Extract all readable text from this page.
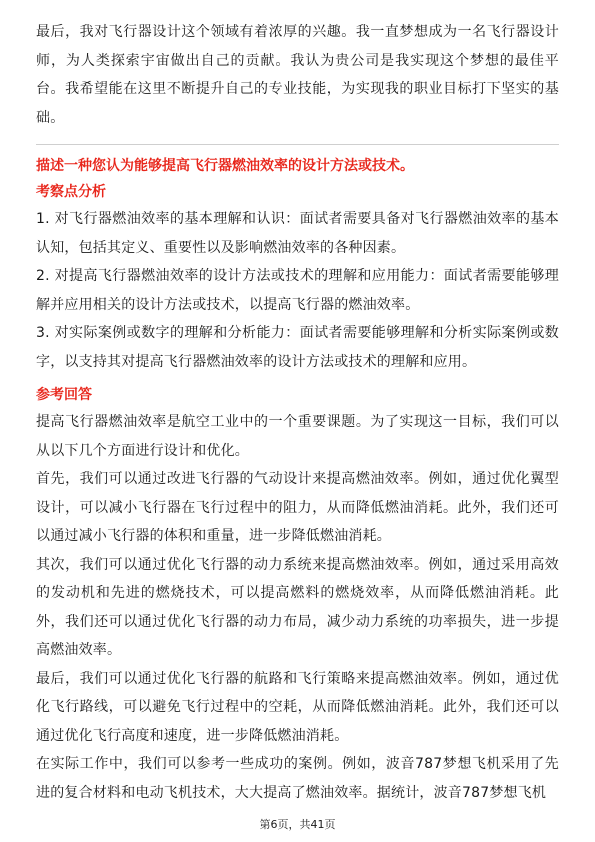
最后，我对飞行器设计这个领域有着浓厚的兴趣。我一直梦想成为一名飞行器设计师，为人类探索宇宙做出自己的贡献。我认为贵公司是我实现这个梦想的最佳平台。我希望能在这里不断提升自己的专业技能，为实现我的职业目标打下坚实的基础。

描述一种您认为能够提高飞行器燃油效率的设计方法或技术。

考察点分析

1. 对飞行器燃油效率的基本理解和认识：面试者需要具备对飞行器燃油效率的基本认知，包括其定义、重要性以及影响燃油效率的各种因素。

2. 对提高飞行器燃油效率的设计方法或技术的理解和应用能力：面试者需要能够理解并应用相关的设计方法或技术，以提高飞行器的燃油效率。

3. 对实际案例或数字的理解和分析能力：面试者需要能够理解和分析实际案例或数字，以支持其对提高飞行器燃油效率的设计方法或技术的理解和应用。

参考回答

提高飞行器燃油效率是航空工业中的一个重要课题。为了实现这一目标，我们可以从以下几个方面进行设计和优化。

首先，我们可以通过改进飞行器的气动设计来提高燃油效率。例如，通过优化翼型设计，可以减小飞行器在飞行过程中的阻力，从而降低燃油消耗。此外，我们还可以通过减小飞行器的体积和重量，进一步降低燃油消耗。

其次，我们可以通过优化飞行器的动力系统来提高燃油效率。例如，通过采用高效的发动机和先进的燃烧技术，可以提高燃料的燃烧效率，从而降低燃油消耗。此外，我们还可以通过优化飞行器的动力布局，减少动力系统的功率损失，进一步提高燃油效率。

最后，我们可以通过优化飞行器的航路和飞行策略来提高燃油效率。例如，通过优化飞行路线，可以避免飞行过程中的空耗，从而降低燃油消耗。此外，我们还可以通过优化飞行高度和速度，进一步降低燃油消耗。

在实际工作中，我们可以参考一些成功的案例。例如，波音787梦想飞机采用了先进的复合材料和电动飞机技术，大大提高了燃油效率。据统计，波音787梦想飞机

第6页，共41页
